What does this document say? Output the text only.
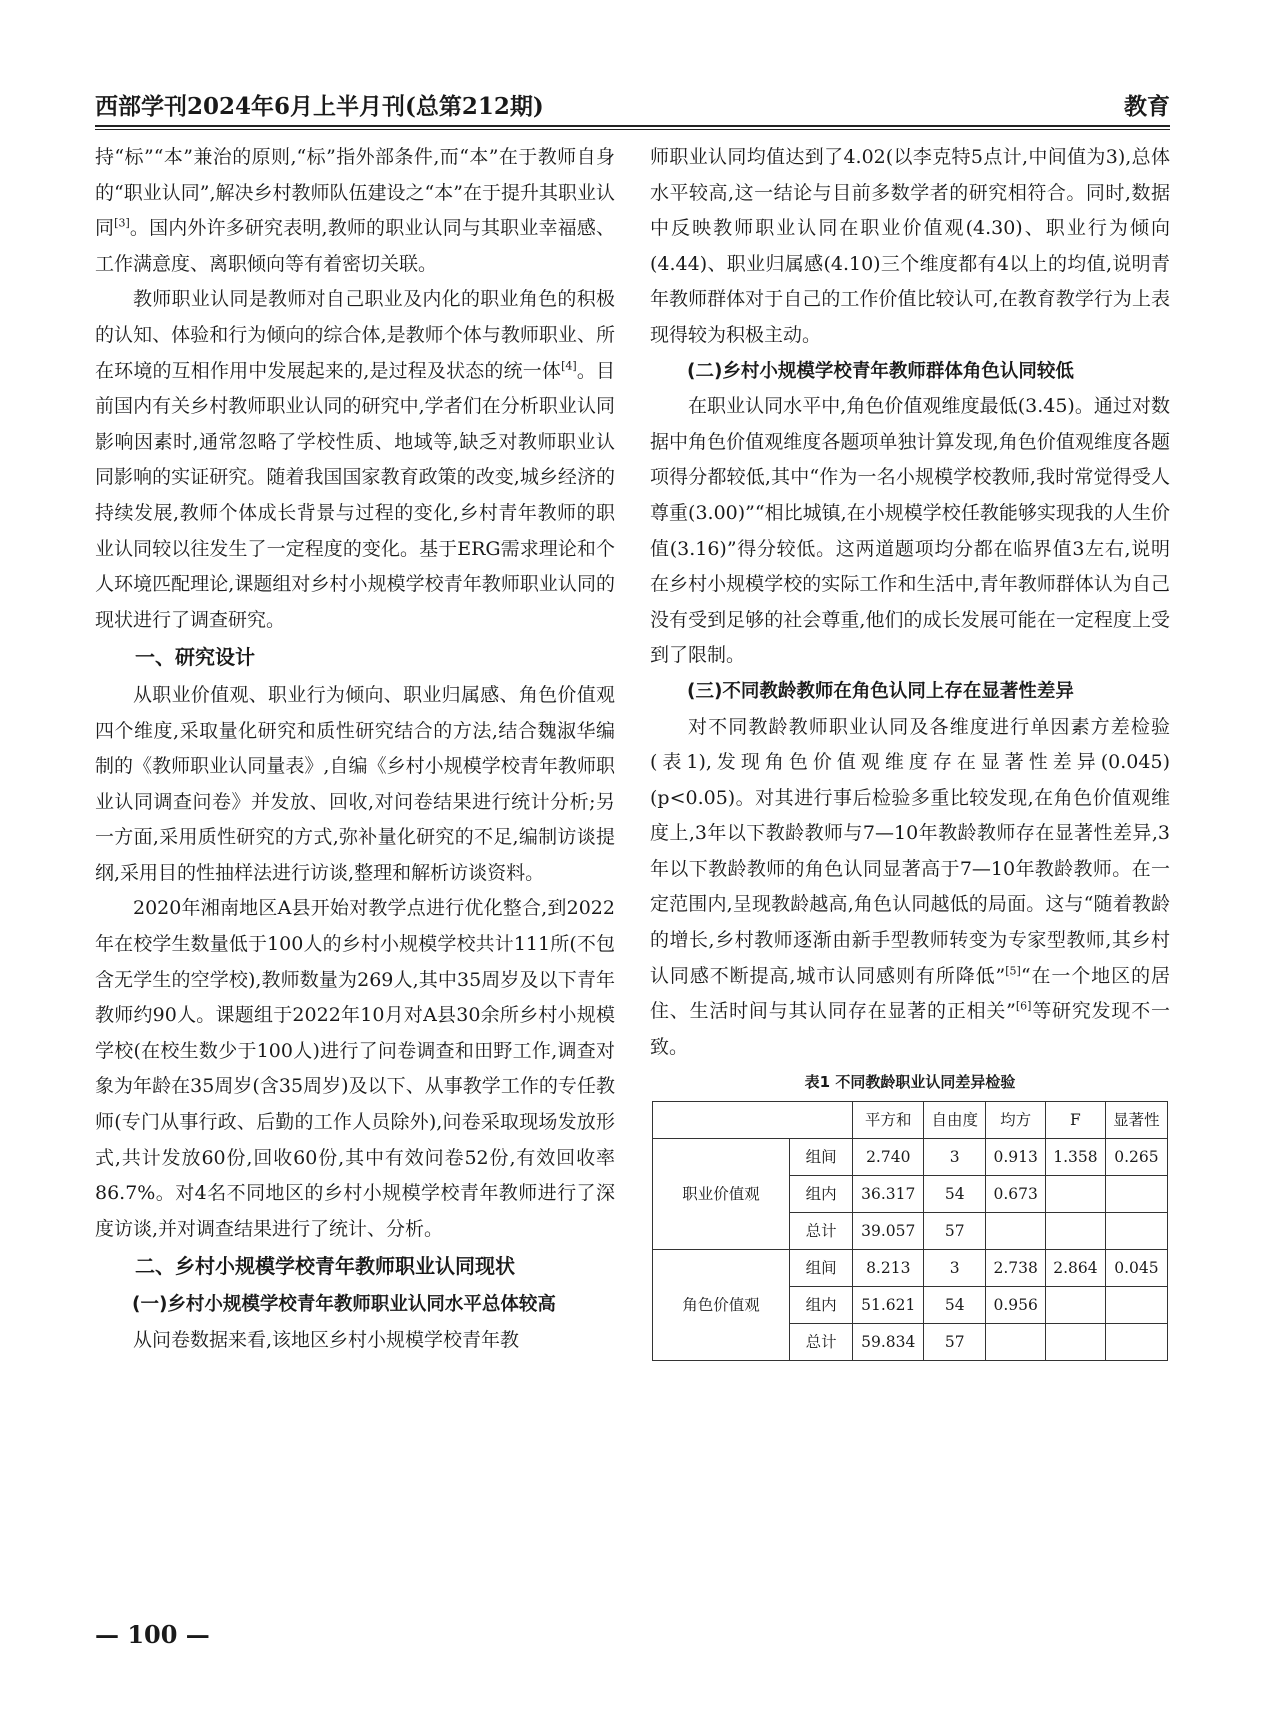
西部学刊2024年6月上半月刊(总第212期)	教育

持“标”“本”兼治的原则,“标”指外部条件,而“本”在于教师自身的“职业认同”,解决乡村教师队伍建设之“本”在于提升其职业认同[3]。国内外许多研究表明,教师的职业认同与其职业幸福感、工作满意度、离职倾向等有着密切关联。

教师职业认同是教师对自己职业及内化的职业角色的积极的认知、体验和行为倾向的综合体,是教师个体与教师职业、所在环境的互相作用中发展起来的,是过程及状态的统一体[4]。目前国内有关乡村教师职业认同的研究中,学者们在分析职业认同影响因素时,通常忽略了学校性质、地域等,缺乏对教师职业认同影响的实证研究。随着我国国家教育政策的改变,城乡经济的持续发展,教师个体成长背景与过程的变化,乡村青年教师的职业认同较以往发生了一定程度的变化。基于ERG需求理论和个人环境匹配理论,课题组对乡村小规模学校青年教师职业认同的现状进行了调查研究。

一、研究设计

从职业价值观、职业行为倾向、职业归属感、角色价值观四个维度,采取量化研究和质性研究结合的方法,结合魏淑华编制的《教师职业认同量表》,自编《乡村小规模学校青年教师职业认同调查问卷》并发放、回收,对问卷结果进行统计分析;另一方面,采用质性研究的方式,弥补量化研究的不足,编制访谈提纲,采用目的性抽样法进行访谈,整理和解析访谈资料。

2020年湘南地区A县开始对教学点进行优化整合,到2022年在校学生数量低于100人的乡村小规模学校共计111所(不包含无学生的空学校),教师数量为269人,其中35周岁及以下青年教师约90人。课题组于2022年10月对A县30余所乡村小规模学校(在校生数少于100人)进行了问卷调查和田野工作,调查对象为年龄在35周岁(含35周岁)及以下、从事教学工作的专任教师(专门从事行政、后勤的工作人员除外),问卷采取现场发放形式,共计发放60份,回收60份,其中有效问卷52份,有效回收率86.7%。对4名不同地区的乡村小规模学校青年教师进行了深度访谈,并对调查结果进行了统计、分析。

二、乡村小规模学校青年教师职业认同现状

(一)乡村小规模学校青年教师职业认同水平总体较高

从问卷数据来看,该地区乡村小规模学校青年教

师职业认同均值达到了4.02(以李克特5点计,中间值为3),总体水平较高,这一结论与目前多数学者的研究相符合。同时,数据中反映教师职业认同在职业价值观(4.30)、职业行为倾向(4.44)、职业归属感(4.10)三个维度都有4以上的均值,说明青年教师群体对于自己的工作价值比较认可,在教育教学行为上表现得较为积极主动。

(二)乡村小规模学校青年教师群体角色认同较低

在职业认同水平中,角色价值观维度最低(3.45)。通过对数据中角色价值观维度各题项单独计算发现,角色价值观维度各题项得分都较低,其中“作为一名小规模学校教师,我时常觉得受人尊重(3.00)”“相比城镇,在小规模学校任教能够实现我的人生价值(3.16)”得分较低。这两道题项均分都在临界值3左右,说明在乡村小规模学校的实际工作和生活中,青年教师群体认为自己没有受到足够的社会尊重,他们的成长发展可能在一定程度上受到了限制。

(三)不同教龄教师在角色认同上存在显著性差异

对不同教龄教师职业认同及各维度进行单因素方差检验(表1),发现角色价值观维度存在显著性差异(0.045)(p<0.05)。对其进行事后检验多重比较发现,在角色价值观维度上,3年以下教龄教师与7—10年教龄教师存在显著性差异,3年以下教龄教师的角色认同显著高于7—10年教龄教师。在一定范围内,呈现教龄越高,角色认同越低的局面。这与“随着教龄的增长,乡村教师逐渐由新手型教师转变为专家型教师,其乡村认同感不断提高,城市认同感则有所降低”[5]“在一个地区的居住、生活时间与其认同存在显著的正相关”[6]等研究发现不一致。

表1 不同教龄职业认同差异检验
		平方和	自由度	均方	F	显著性
职业价值观	组间	2.740	3	0.913	1.358	0.265
	组内	36.317	54	0.673		
	总计	39.057	57			
角色价值观	组间	8.213	3	2.738	2.864	0.045
	组内	51.621	54	0.956		
	总计	59.834	57			
— 100 —
